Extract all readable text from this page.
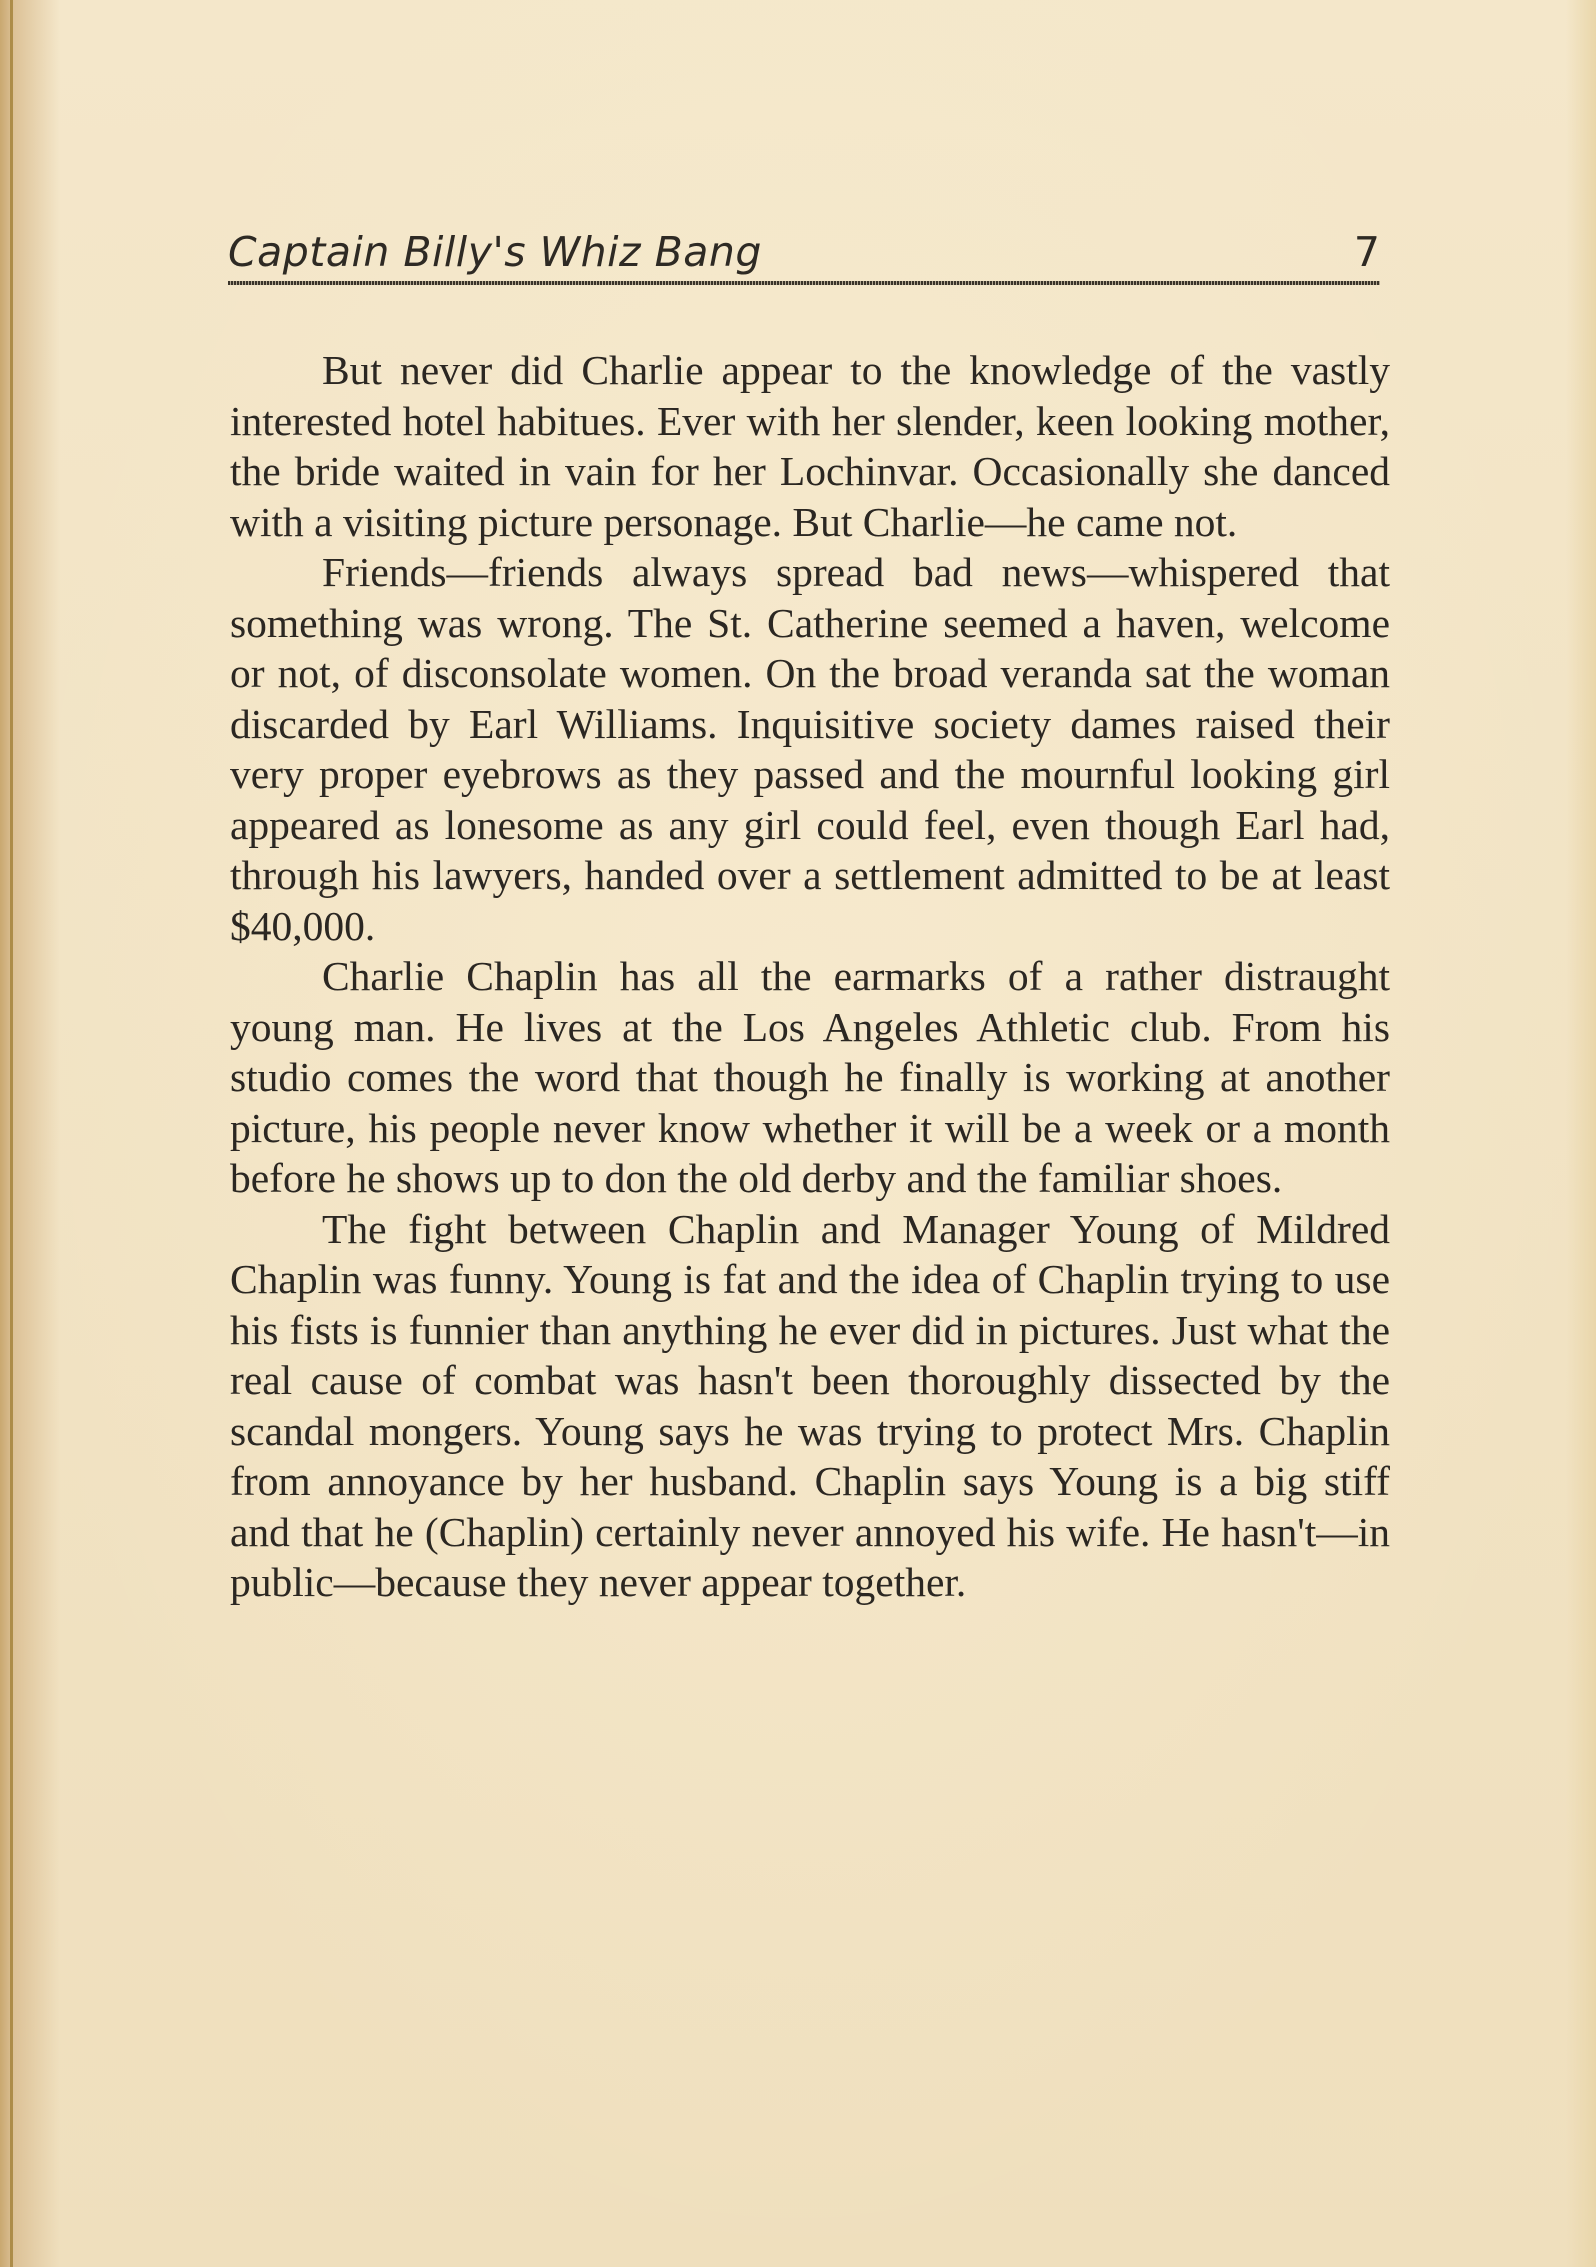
Captain Billy's Whiz Bang	7

But never did Charlie appear to the knowledge of the vastly interested hotel habitues. Ever with her slender, keen looking mother, the bride waited in vain for her Lochinvar. Occasionally she danced with a visiting picture personage. But Charlie—he came not.

Friends—friends always spread bad news—whispered that something was wrong. The St. Catherine seemed a haven, welcome or not, of disconsolate women. On the broad veranda sat the woman discarded by Earl Williams. Inquisitive society dames raised their very proper eyebrows as they passed and the mournful looking girl appeared as lonesome as any girl could feel, even though Earl had, through his lawyers, handed over a settlement admitted to be at least $40,000.

Charlie Chaplin has all the earmarks of a rather distraught young man. He lives at the Los Angeles Athletic club. From his studio comes the word that though he finally is working at another picture, his people never know whether it will be a week or a month before he shows up to don the old derby and the familiar shoes.

The fight between Chaplin and Manager Young of Mildred Chaplin was funny. Young is fat and the idea of Chaplin trying to use his fists is funnier than anything he ever did in pictures. Just what the real cause of combat was hasn't been thoroughly dissected by the scandal mongers. Young says he was trying to protect Mrs. Chaplin from annoyance by her husband. Chaplin says Young is a big stiff and that he (Chaplin) certainly never annoyed his wife. He hasn't—in public—because they never appear together.
